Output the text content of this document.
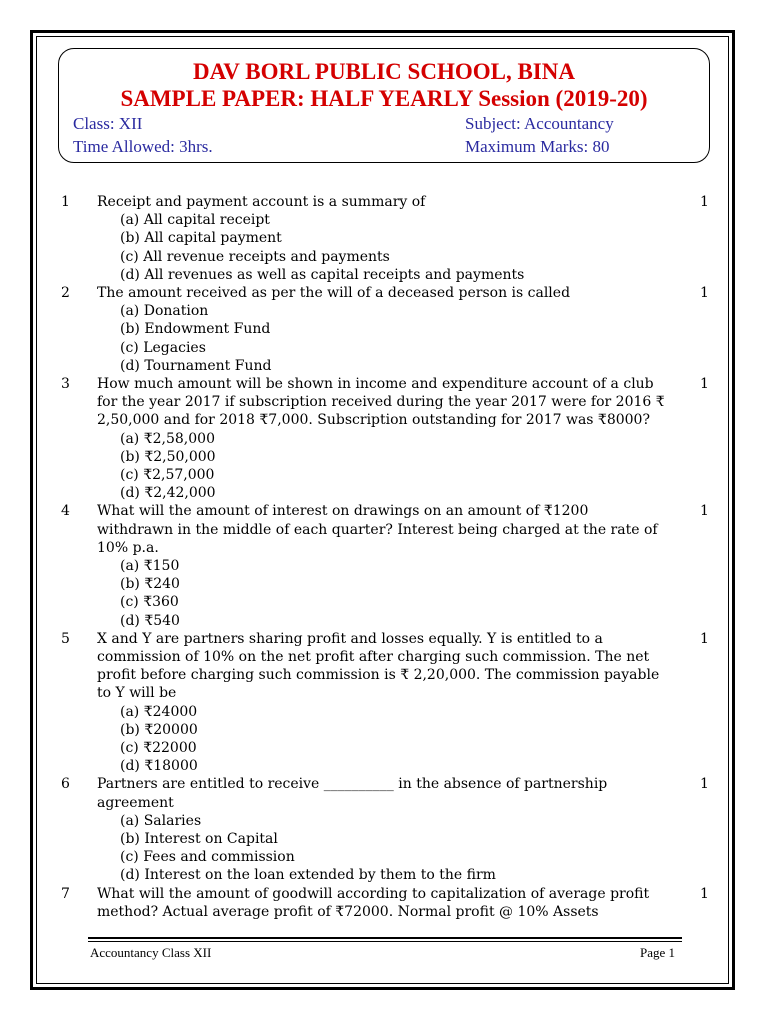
DAV BORL PUBLIC SCHOOL, BINA
SAMPLE PAPER: HALF YEARLY Session (2019-20)
Class: XII	Subject: Accountancy
Time Allowed: 3hrs.	Maximum Marks: 80
1	1
Receipt and payment account is a summary of
(a) All capital receipt
(b) All capital payment
(c) All revenue receipts and payments
(d) All revenues as well as capital receipts and payments
2	1
The amount received as per the will of a deceased person is called
(a) Donation
(b) Endowment Fund
(c) Legacies
(d) Tournament Fund
3	1
How much amount will be shown in income and expenditure account of a club
for the year 2017 if subscription received during the year 2017 were for 2016 ₹
2,50,000 and for 2018 ₹7,000. Subscription outstanding for 2017 was ₹8000?
(a) ₹2,58,000
(b) ₹2,50,000
(c) ₹2,57,000
(d) ₹2,42,000
4	1
What will the amount of interest on drawings on an amount of ₹1200
withdrawn in the middle of each quarter? Interest being charged at the rate of
10% p.a.
(a) ₹150
(b) ₹240
(c) ₹360
(d) ₹540
5	1
X and Y are partners sharing profit and losses equally. Y is entitled to a
commission of 10% on the net profit after charging such commission. The net
profit before charging such commission is ₹ 2,20,000. The commission payable
to Y will be
(a) ₹24000
(b) ₹20000
(c) ₹22000
(d) ₹18000
6	1
Partners are entitled to receive __________ in the absence of partnership
agreement
(a) Salaries
(b) Interest on Capital
(c) Fees and commission
(d) Interest on the loan extended by them to the firm
7	1
What will the amount of goodwill according to capitalization of average profit
method? Actual average profit of ₹72000. Normal profit @ 10% Assets
Accountancy Class XII	Page 1
